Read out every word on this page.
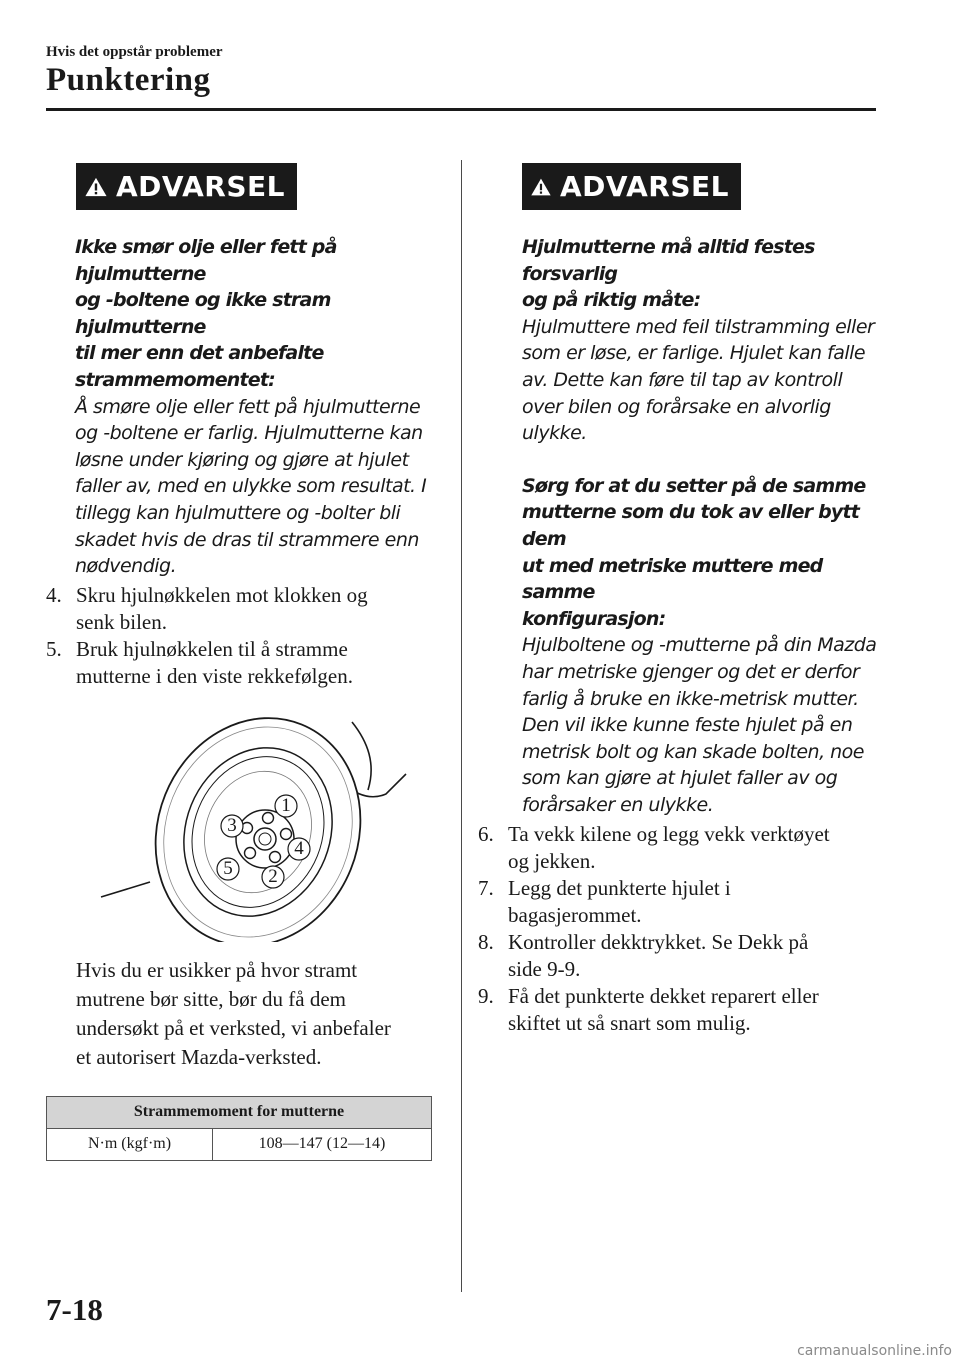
Hvis det oppstår problemer
Punktering
ADVARSEL
Ikke smør olje eller fett på hjulmutterne
og -boltene og ikke stram hjulmutterne
til mer enn det anbefalte
strammemomentet:
Å smøre olje eller fett på hjulmutterne
og -boltene er farlig. Hjulmutterne kan
løsne under kjøring og gjøre at hjulet
faller av, med en ulykke som resultat. I
tillegg kan hjulmuttere og -bolter bli
skadet hvis de dras til strammere enn
nødvendig.
4. Skru hjulnøkkelen mot klokken og
senk bilen.
5. Bruk hjulnøkkelen til å stramme
mutterne i den viste rekkefølgen.
1
2
3
4
5
Hvis du er usikker på hvor stramt
mutrene bør sitte, bør du få dem
undersøkt på et verksted, vi anbefaler
et autorisert Mazda-verksted.
Strammemoment for mutterne
N·m (kgf·m)	108—147 (12—14)
ADVARSEL
Hjulmutterne må alltid festes forsvarlig
og på riktig måte:
Hjulmuttere med feil tilstramming eller
som er løse, er farlige. Hjulet kan falle
av. Dette kan føre til tap av kontroll
over bilen og forårsake en alvorlig
ulykke.
Sørg for at du setter på de samme
mutterne som du tok av eller bytt dem
ut med metriske muttere med samme
konfigurasjon:
Hjulboltene og -mutterne på din Mazda
har metriske gjenger og det er derfor
farlig å bruke en ikke-metrisk mutter.
Den vil ikke kunne feste hjulet på en
metrisk bolt og kan skade bolten, noe
som kan gjøre at hjulet faller av og
forårsaker en ulykke.
6. Ta vekk kilene og legg vekk verktøyet
og jekken.
7. Legg det punkterte hjulet i
bagasjerommet.
8. Kontroller dekktrykket. Se Dekk på
side 9-9.
9. Få det punkterte dekket reparert eller
skiftet ut så snart som mulig.
7-18
carmanualsonline.info
